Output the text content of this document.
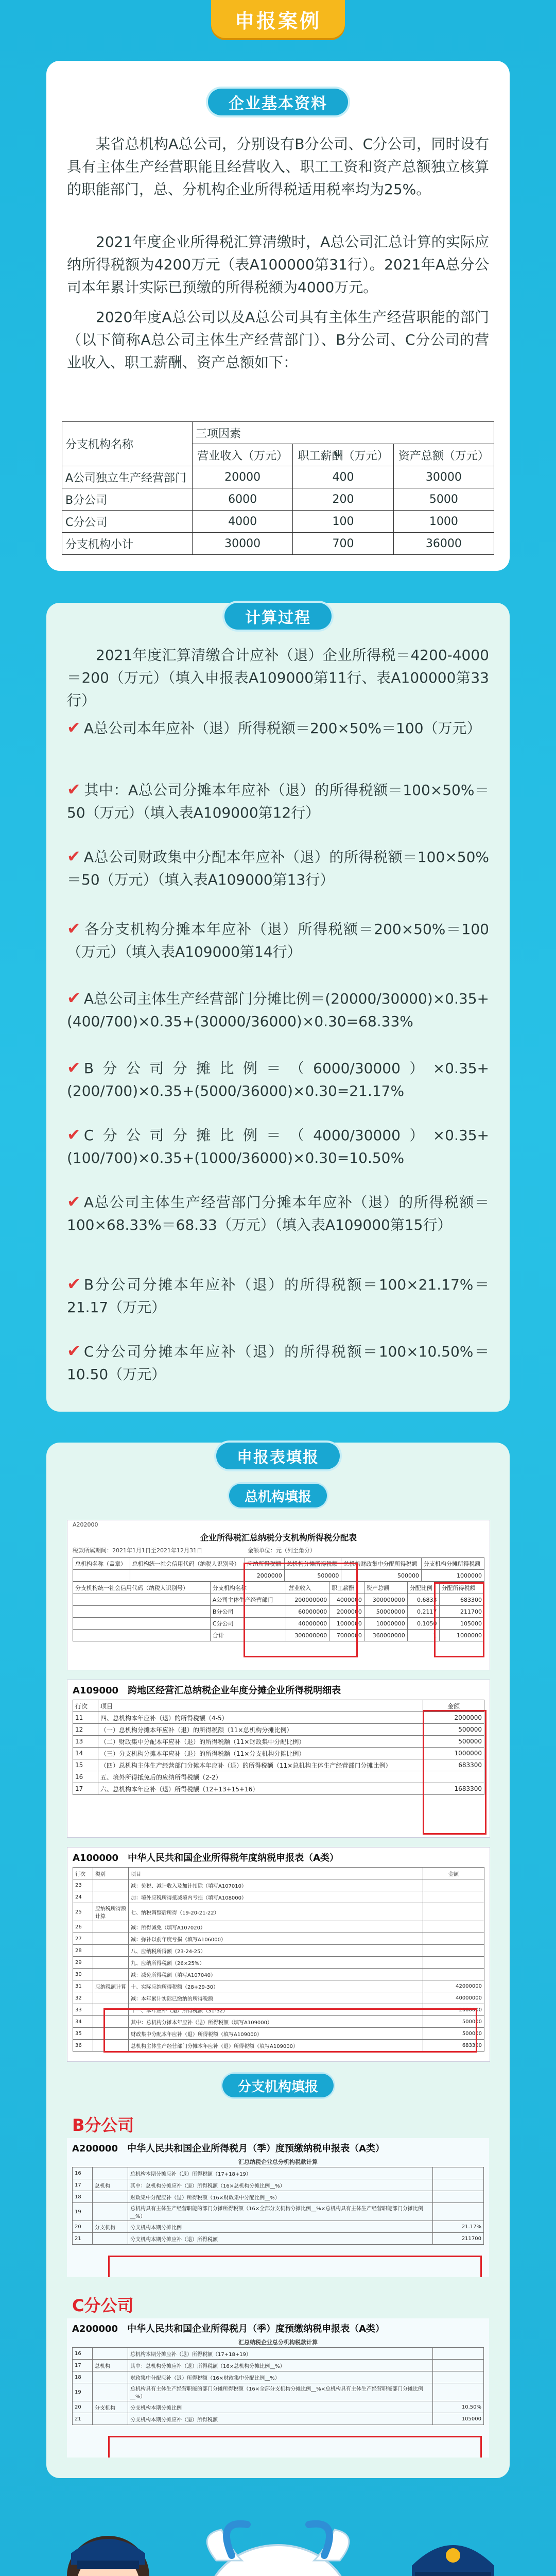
申报案例
企业基本资料
某省总机构A总公司，分别设有B分公司、C分公司，同时设有具有主体生产经营职能且经营收入、职工工资和资产总额独立核算的职能部门，总、分机构企业所得税适用税率均为25%。
2021年度企业所得税汇算清缴时，A总公司汇总计算的实际应纳所得税额为4200万元（表A100000第31行）。2021年A总分公司本年累计实际已预缴的所得税额为4000万元。
2020年度A总公司以及A总公司具有主体生产经营职能的部门（以下简称A总公司主体生产经营部门）、B分公司、C分公司的营业收入、职工薪酬、资产总额如下：
分支机构名称	三项因素		
	营业收入（万元）	职工薪酬（万元）	资产总额（万元）
A公司独立生产经营部门	20000	400	30000
B分公司	6000	200	5000
C分公司	4000	100	1000
分支机构小计	30000	700	36000
计算过程
2021年度汇算清缴合计应补（退）企业所得税＝4200-4000＝200（万元）（填入申报表A109000第11行、表A100000第33行）
✔ A总公司本年应补（退）所得税额＝200×50%＝100（万元）
✔ 其中：A总公司分摊本年应补（退）的所得税额＝100×50%＝50（万元）（填入表A109000第12行）
✔ A总公司财政集中分配本年应补（退）的所得税额＝100×50%＝50（万元）（填入表A109000第13行）
✔ 各分支机构分摊本年应补（退）所得税额＝200×50%＝100（万元）（填入表A109000第14行）
✔ A总公司主体生产经营部门分摊比例＝(20000/30000)×0.35+(400/700)×0.35+(30000/36000)×0.30=68.33%
✔ B分公司分摊比例＝（6000/30000）×0.35+(200/700)×0.35+(5000/36000)×0.30=21.17%
✔ C分公司分摊比例＝（4000/30000）×0.35+(100/700)×0.35+(1000/36000)×0.30=10.50%
✔ A总公司主体生产经营部门分摊本年应补（退）的所得税额＝100×68.33%＝68.33（万元）（填入表A109000第15行）
✔ B分公司分摊本年应补（退）的所得税额＝100×21.17%＝21.17（万元）
✔ C分公司分摊本年应补（退）的所得税额＝100×10.50%＝10.50（万元）
申报表填报
总机构填报
A202000
企业所得税汇总纳税分支机构所得税分配表
税款所属期间：2021年1月1日至2021年12月31日　　　　　　　　金额单位：元（列至角分）
总机构名称（盖章）	总机构统一社会信用代码（纳税人识别号）	应纳所得税额	总机构分摊所得税额	总机构财政集中分配所得税额	分支机构分摊所得税额
		2000000	500000	500000	1000000
分支机构统一社会信用代码（纳税人识别号）	分支机构名称	营业收入	职工薪酬	资产总额	分配比例	分配所得税额
	A公司主体生产经营部门	200000000	4000000	300000000	0.6833	683300
	B分公司	60000000	2000000	50000000	0.2117	211700
	C分公司	40000000	1000000	10000000	0.1050	105000
	合计	300000000	7000000	360000000	1	1000000
A109000　 跨地区经营汇总纳税企业年度分摊企业所得税明细表
行次	项目	金额
11	四、总机构本年应补（退）的所得税额（4-5）	2000000
12	（一）总机构分摊本年应补（退）的所得税额（11×总机构分摊比例）	500000
13	（二）财政集中分配本年应补（退）的所得税额（11×财政集中分配比例）	500000
14	（三）分支机构分摊本年应补（退）的所得税额（11×分支机构分摊比例）	1000000
15	（四）总机构主体生产经营部门分摊本年应补（退）的所得税额（11×总机构主体生产经营部门分摊比例）	683300
16	五、境外所得抵免后的应纳所得税额（2-2）	
17	六、总机构本年应补（退）所得税额（12+13+15+16）	1683300
A100000　 中华人民共和国企业所得税年度纳税申报表（A类）
行次	类别	项目	金额
23		减：免税、减计收入及加计扣除（填写A107010）	
24		加：境外应税所得抵减境内亏损（填写A108000）	
25	应纳税所得额计算	七、纳税调整后所得（19-20-21-22）	
26		减：所得减免（填写A107020）	
27		减：弥补以前年度亏损（填写A106000）	
28		八、应纳税所得额（23-24-25）	
29		九、应纳所得税额（26×25%）	
30		减：减免所得税额（填写A107040）	
31	应纳税额计算	十、实际应纳所得税额（28+29-30）	42000000
32		减：本年累计实际已缴纳的所得税额	40000000
33		十一、本年应补（退）所得税额（31-32）	2000000
34		其中：总机构分摊本年应补（退）所得税额（填写A109000）	500000
35		财政集中分配本年应补（退）所得税额（填写A109000）	500000
36		总机构主体生产经营部门分摊本年应补（退）所得税额（填写A109000）	683300
分支机构填报
B分公司
A200000　 中华人民共和国企业所得税月（季）度预缴纳税申报表（A类）
汇总纳税企业总分机构税款计算
16		总机构本期分摊应补（退）所得税额（17+18+19）	
17	总机构	其中：总机构分摊应补（退）所得税额（16×总机构分摊比例__%）	
18		财政集中分配应补（退）所得税额（16×财政集中分配比例__%）	
19		总机构具有主体生产经营职能的部门分摊所得税额（16×全部分支机构分摊比例__%×总机构具有主体生产经营职能部门分摊比例__%）	
20	分支机构	分支机构本期分摊比例	21.17%
21		分支机构本期分摊应补（退）所得税额	211700
C分公司
A200000　 中华人民共和国企业所得税月（季）度预缴纳税申报表（A类）
汇总纳税企业总分机构税款计算
16		总机构本期分摊应补（退）所得税额（17+18+19）	
17	总机构	其中：总机构分摊应补（退）所得税额（16×总机构分摊比例__%）	
18		财政集中分配应补（退）所得税额（16×财政集中分配比例__%）	
19		总机构具有主体生产经营职能的部门分摊所得税额（16×全部分支机构分摊比例__%×总机构具有主体生产经营职能部门分摊比例__%）	
20	分支机构	分支机构本期分摊比例	10.50%
21		分支机构本期分摊应补（退）所得税额	105000
